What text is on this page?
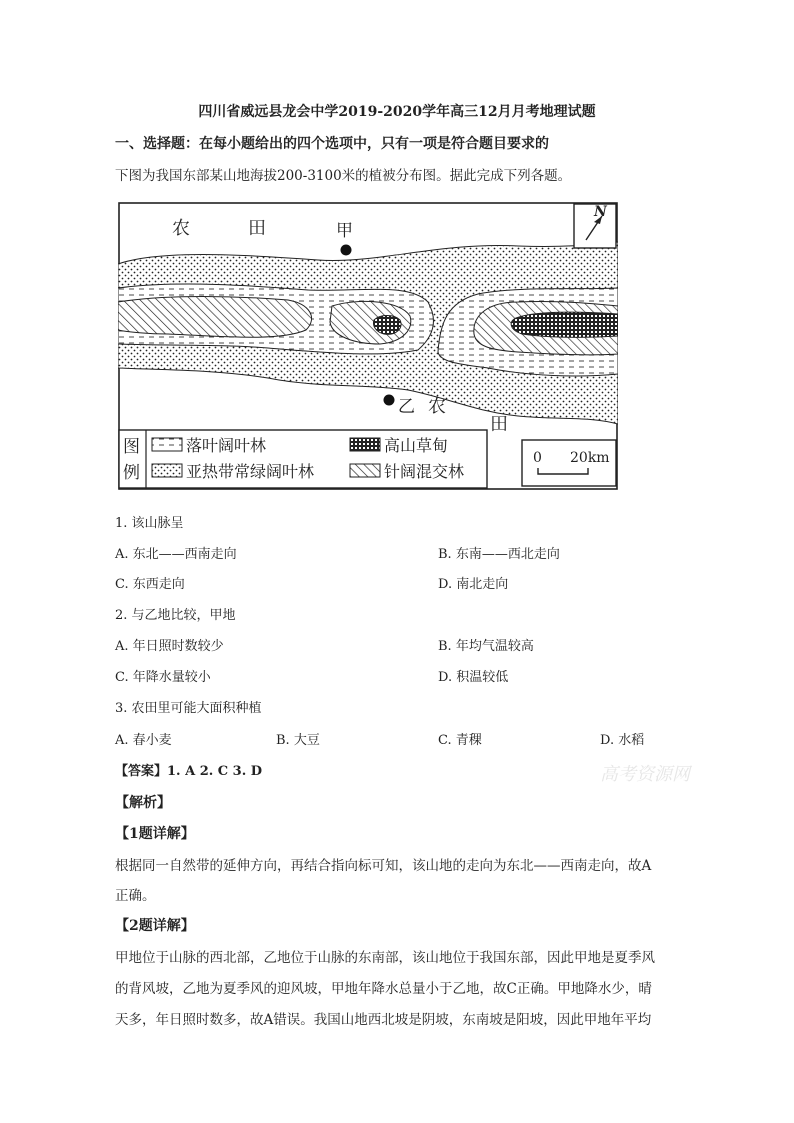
四川省威远县龙会中学2019-2020学年高三12月月考地理试题
一、选择题：在每小题给出的四个选项中，只有一项是符合题目要求的
下图为我国东部某山地海拔200-3100米的植被分布图。据此完成下列各题。
农	田	甲
乙 农
田
N
图
例
落叶阔叶林	高山草甸
亚热带常绿阔叶林	针阔混交林
0 20km
1. 该山脉呈
A. 东北——西南走向	B. 东南——西北走向
C. 东西走向	D. 南北走向
2. 与乙地比较，甲地
A. 年日照时数较少	B. 年均气温较高
C. 年降水量较小	D. 积温较低
3. 农田里可能大面积种植
A. 春小麦	B. 大豆	C. 青稞	D. 水稻
【答案】1. A 2. C 3. D	高考资源网
【解析】
【1题详解】
根据同一自然带的延伸方向，再结合指向标可知，该山地的走向为东北——西南走向，故A
正确。
【2题详解】
甲地位于山脉的西北部，乙地位于山脉的东南部，该山地位于我国东部，因此甲地是夏季风
的背风坡，乙地为夏季风的迎风坡，甲地年降水总量小于乙地，故C正确。甲地降水少，晴
天多，年日照时数多，故A错误。我国山地西北坡是阴坡，东南坡是阳坡，因此甲地年平均
